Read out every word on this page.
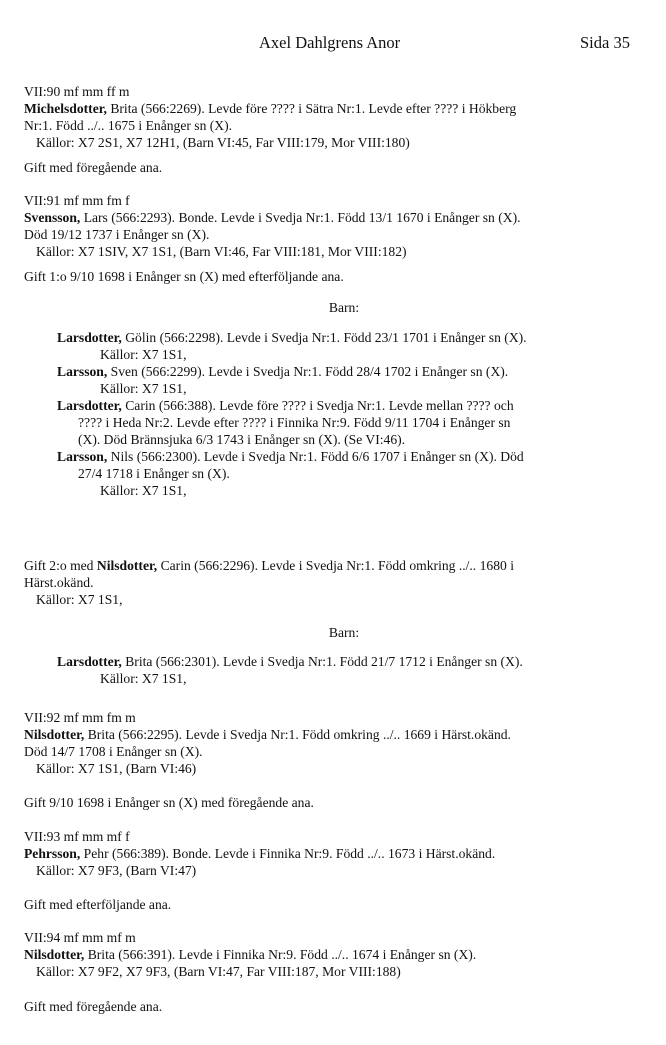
Axel Dahlgrens Anor	Sida 35
VII:90 mf mm ff m
Michelsdotter, Brita (566:2269). Levde före ???? i Sätra Nr:1. Levde efter ???? i Hökberg
Nr:1. Född ../.. 1675 i Enånger sn (X).
Källor: X7 2S1, X7 12H1, (Barn VI:45, Far VIII:179, Mor VIII:180)
Gift med föregående ana.
VII:91 mf mm fm f
Svensson, Lars (566:2293). Bonde. Levde i Svedja Nr:1. Född 13/1 1670 i Enånger sn (X).
Död 19/12 1737 i Enånger sn (X).
Källor: X7 1SIV, X7 1S1, (Barn VI:46, Far VIII:181, Mor VIII:182)
Gift 1:o 9/10 1698 i Enånger sn (X) med efterföljande ana.
Barn:
Larsdotter, Gölin (566:2298). Levde i Svedja Nr:1. Född 23/1 1701 i Enånger sn (X).
Källor: X7 1S1,
Larsson, Sven (566:2299). Levde i Svedja Nr:1. Född 28/4 1702 i Enånger sn (X).
Källor: X7 1S1,
Larsdotter, Carin (566:388). Levde före ???? i Svedja Nr:1. Levde mellan ???? och
???? i Heda Nr:2. Levde efter ???? i Finnika Nr:9. Född 9/11 1704 i Enånger sn
(X). Död Brännsjuka 6/3 1743 i Enånger sn (X). (Se VI:46).
Larsson, Nils (566:2300). Levde i Svedja Nr:1. Född 6/6 1707 i Enånger sn (X). Död
27/4 1718 i Enånger sn (X).
Källor: X7 1S1,
Gift 2:o med Nilsdotter, Carin (566:2296). Levde i Svedja Nr:1. Född omkring ../.. 1680 i
Härst.okänd.
Källor: X7 1S1,
Barn:
Larsdotter, Brita (566:2301). Levde i Svedja Nr:1. Född 21/7 1712 i Enånger sn (X).
Källor: X7 1S1,
VII:92 mf mm fm m
Nilsdotter, Brita (566:2295). Levde i Svedja Nr:1. Född omkring ../.. 1669 i Härst.okänd.
Död 14/7 1708 i Enånger sn (X).
Källor: X7 1S1, (Barn VI:46)
Gift 9/10 1698 i Enånger sn (X) med föregående ana.
VII:93 mf mm mf f
Pehrsson, Pehr (566:389). Bonde. Levde i Finnika Nr:9. Född ../.. 1673 i Härst.okänd.
Källor: X7 9F3, (Barn VI:47)
Gift med efterföljande ana.
VII:94 mf mm mf m
Nilsdotter, Brita (566:391). Levde i Finnika Nr:9. Född ../.. 1674 i Enånger sn (X).
Källor: X7 9F2, X7 9F3, (Barn VI:47, Far VIII:187, Mor VIII:188)
Gift med föregående ana.
